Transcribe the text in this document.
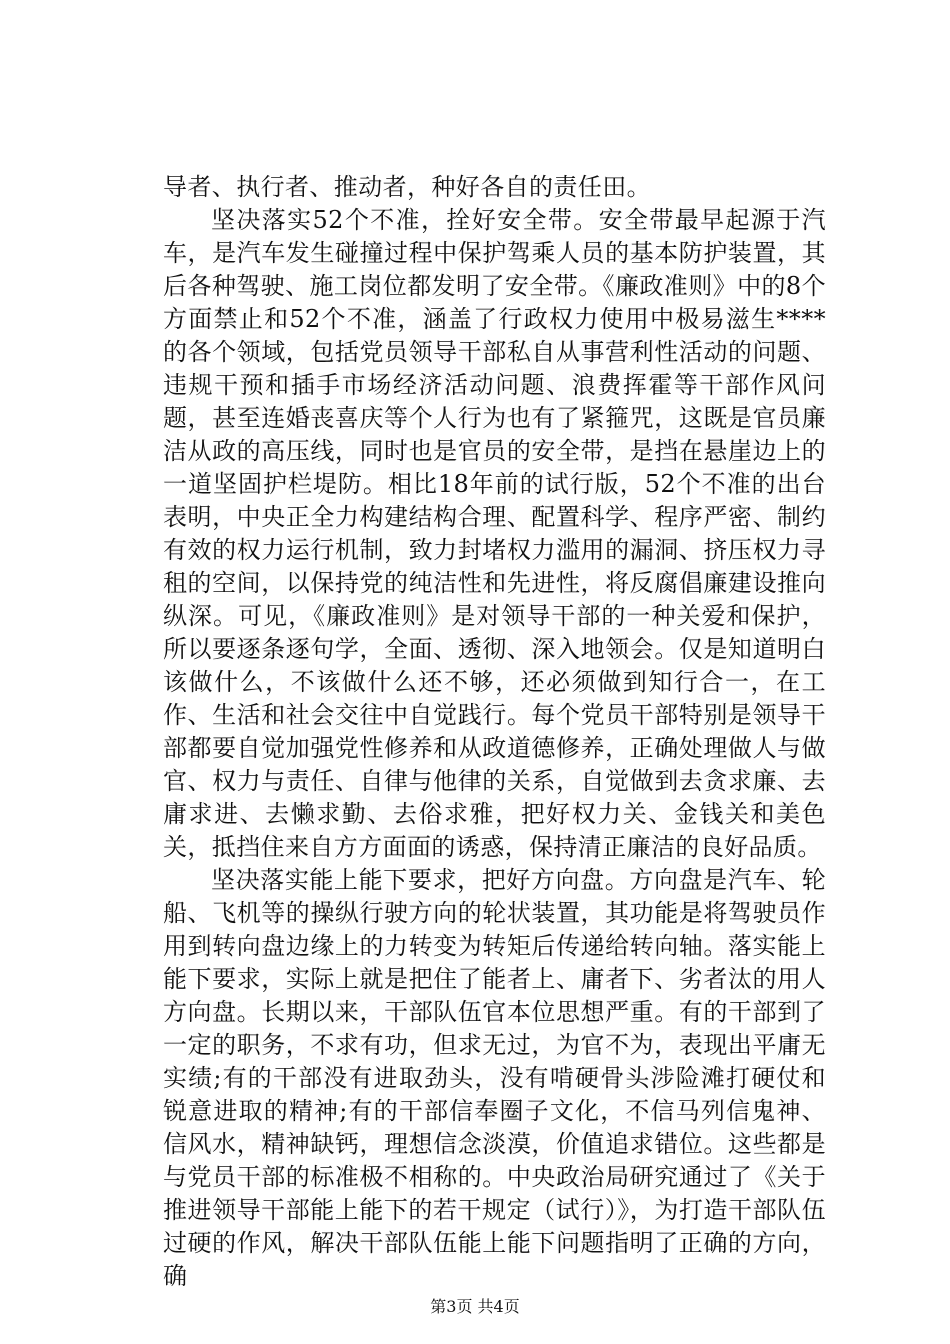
导者、执行者、推动者，种好各自的责任田。

坚决落实52个不准，拴好安全带。安全带最早起源于汽车，是汽车发生碰撞过程中保护驾乘人员的基本防护装置，其后各种驾驶、施工岗位都发明了安全带。《廉政准则》中的8个方面禁止和52个不准，涵盖了行政权力使用中极易滋生****的各个领域，包括党员领导干部私自从事营利性活动的问题、违规干预和插手市场经济活动问题、浪费挥霍等干部作风问题，甚至连婚丧喜庆等个人行为也有了紧箍咒，这既是官员廉洁从政的高压线，同时也是官员的安全带，是挡在悬崖边上的一道坚固护栏堤防。相比18年前的试行版，52个不准的出台表明，中央正全力构建结构合理、配置科学、程序严密、制约有效的权力运行机制，致力封堵权力滥用的漏洞、挤压权力寻租的空间，以保持党的纯洁性和先进性，将反腐倡廉建设推向纵深。可见，《廉政准则》是对领导干部的一种关爱和保护，所以要逐条逐句学，全面、透彻、深入地领会。仅是知道明白该做什么，不该做什么还不够，还必须做到知行合一，在工作、生活和社会交往中自觉践行。每个党员干部特别是领导干部都要自觉加强党性修养和从政道德修养，正确处理做人与做官、权力与责任、自律与他律的关系，自觉做到去贪求廉、去庸求进、去懒求勤、去俗求雅，把好权力关、金钱关和美色关，抵挡住来自方方面面的诱惑，保持清正廉洁的良好品质。

坚决落实能上能下要求，把好方向盘。方向盘是汽车、轮船、飞机等的操纵行驶方向的轮状装置，其功能是将驾驶员作用到转向盘边缘上的力转变为转矩后传递给转向轴。落实能上能下要求，实际上就是把住了能者上、庸者下、劣者汰的用人方向盘。长期以来，干部队伍官本位思想严重。有的干部到了一定的职务，不求有功，但求无过，为官不为，表现出平庸无实绩;有的干部没有进取劲头，没有啃硬骨头涉险滩打硬仗和锐意进取的精神;有的干部信奉圈子文化，不信马列信鬼神、信风水，精神缺钙，理想信念淡漠，价值追求错位。这些都是与党员干部的标准极不相称的。中央政治局研究通过了《关于推进领导干部能上能下的若干规定（试行）》，为打造干部队伍过硬的作风，解决干部队伍能上能下问题指明了正确的方向，确

第3页 共4页
